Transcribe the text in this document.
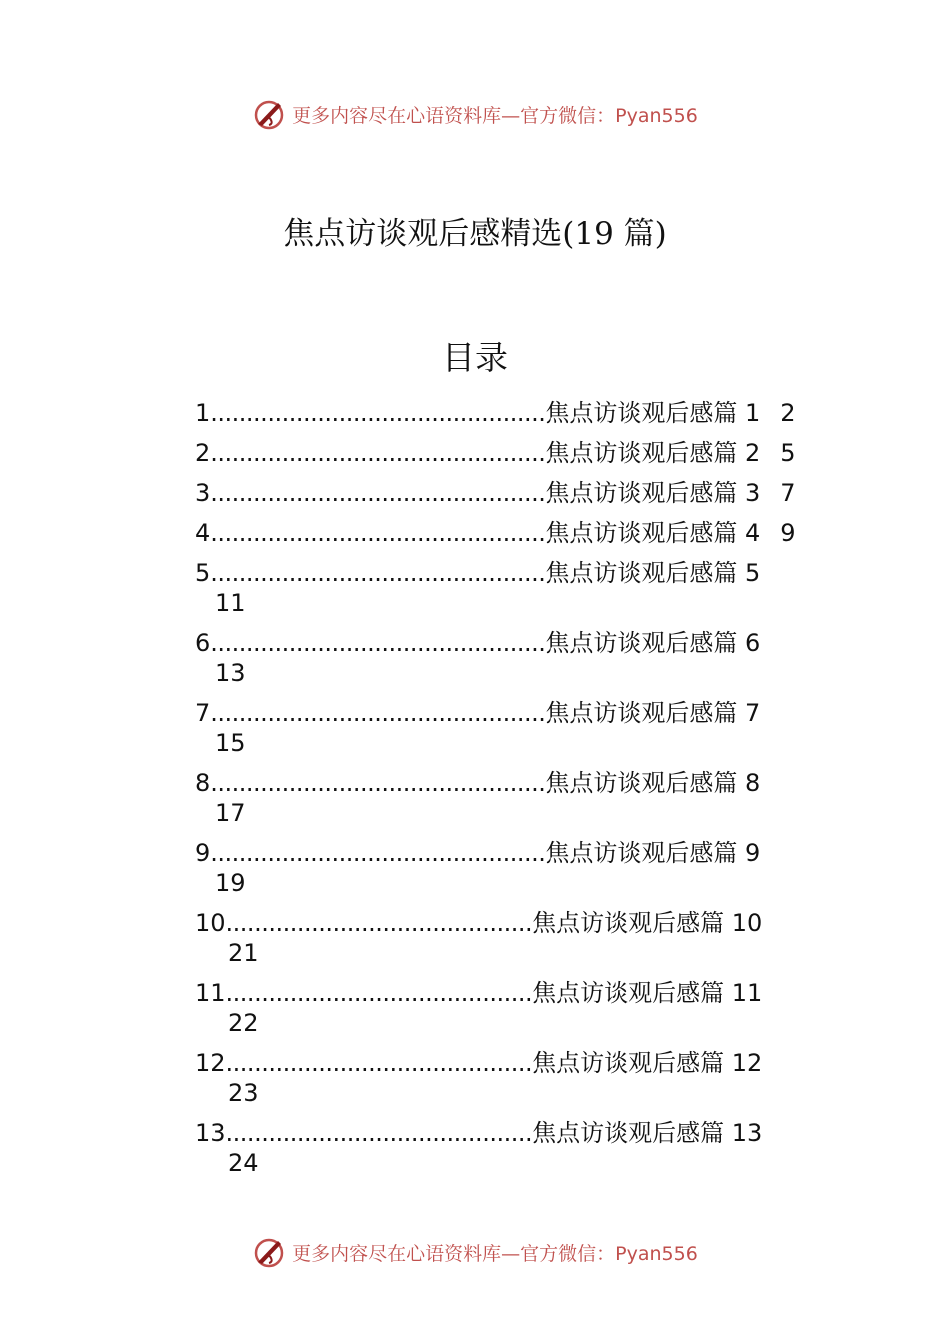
更多内容尽在心语资料库—官方微信：Pyan556
焦点访谈观后感精选(19 篇)
目录
1...............................................焦点访谈观后感篇 1 2
2...............................................焦点访谈观后感篇 2 5
3...............................................焦点访谈观后感篇 3 7
4...............................................焦点访谈观后感篇 4 9
5...............................................焦点访谈观后感篇 5
11
6...............................................焦点访谈观后感篇 6
13
7...............................................焦点访谈观后感篇 7
15
8...............................................焦点访谈观后感篇 8
17
9...............................................焦点访谈观后感篇 9
19
10...........................................焦点访谈观后感篇 10
21
11...........................................焦点访谈观后感篇 11
22
12...........................................焦点访谈观后感篇 12
23
13...........................................焦点访谈观后感篇 13
24
更多内容尽在心语资料库—官方微信：Pyan556
